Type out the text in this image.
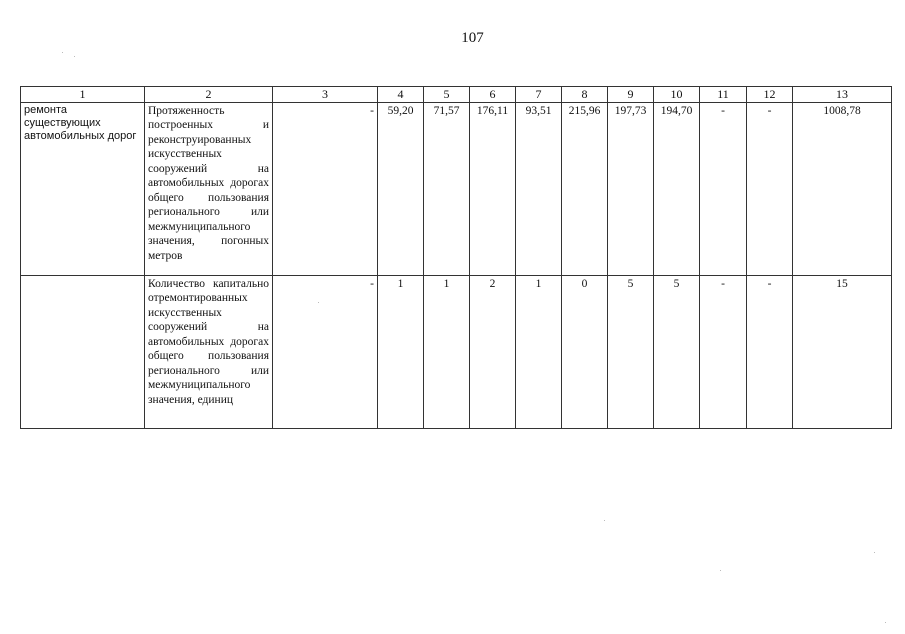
107
1	2	3	4	5	6	7	8	9	10	11	12	13
ремонта существующих автомобильных дорог	Протяженность построенных и реконструированных искусственных сооружений на автомобильных дорогах общего пользования регионального или межмуниципального значения, погонных метров	-	59,20	71,57	176,11	93,51	215,96	197,73	194,70	-	-	1008,78
	Количество капитально отремонтированных искусственных сооружений на автомобильных дорогах общего пользования регионального или межмуниципального значения, единиц	-	1	1	2	1	0	5	5	-	-	15
